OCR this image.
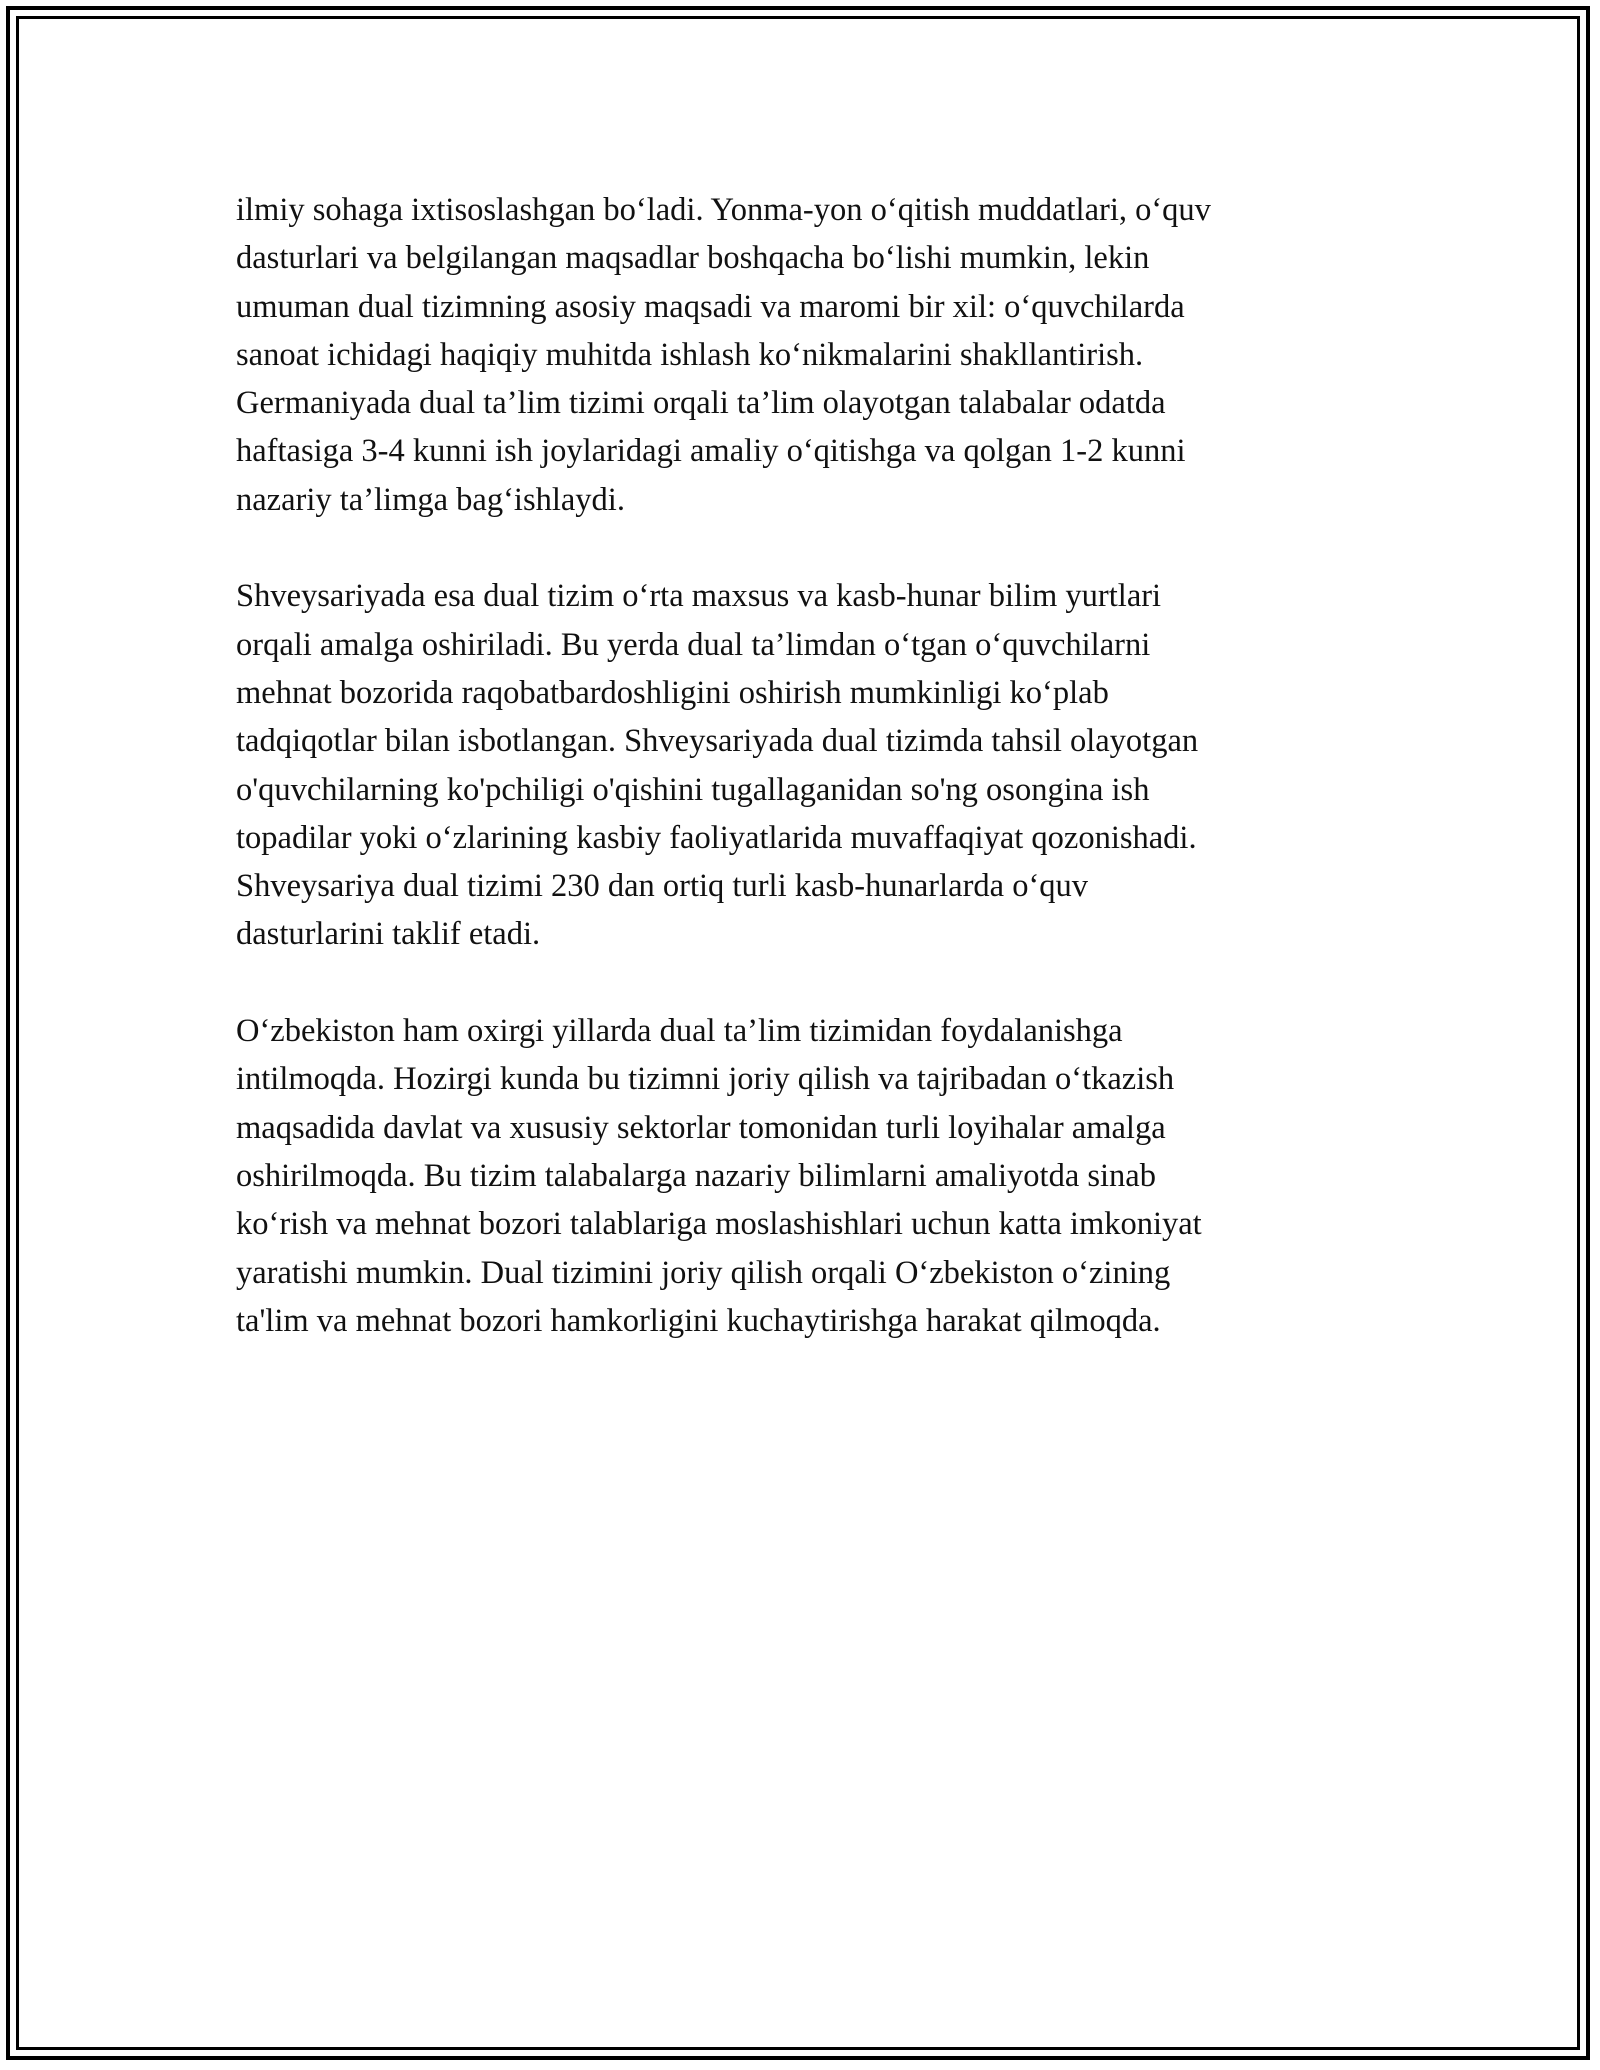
ilmiy sohaga ixtisoslashgan bo‘ladi. Yonma-yon o‘qitish muddatlari, o‘quv
dasturlari va belgilangan maqsadlar boshqacha bo‘lishi mumkin, lekin
umuman dual tizimning asosiy maqsadi va maromi bir xil: o‘quvchilarda
sanoat ichidagi haqiqiy muhitda ishlash ko‘nikmalarini shakllantirish.
Germaniyada dual ta’lim tizimi orqali ta’lim olayotgan talabalar odatda
haftasiga 3-4 kunni ish joylaridagi amaliy o‘qitishga va qolgan 1-2 kunni
nazariy ta’limga bag‘ishlaydi.

Shveysariyada esa dual tizim o‘rta maxsus va kasb-hunar bilim yurtlari
orqali amalga oshiriladi. Bu yerda dual ta’limdan o‘tgan o‘quvchilarni
mehnat bozorida raqobatbardoshligini oshirish mumkinligi ko‘plab
tadqiqotlar bilan isbotlangan. Shveysariyada dual tizimda tahsil olayotgan
o'quvchilarning ko'pchiligi o'qishini tugallaganidan so'ng osongina ish
topadilar yoki o‘zlarining kasbiy faoliyatlarida muvaffaqiyat qozonishadi.
Shveysariya dual tizimi 230 dan ortiq turli kasb-hunarlarda o‘quv
dasturlarini taklif etadi.

O‘zbekiston ham oxirgi yillarda dual ta’lim tizimidan foydalanishga
intilmoqda. Hozirgi kunda bu tizimni joriy qilish va tajribadan o‘tkazish
maqsadida davlat va xususiy sektorlar tomonidan turli loyihalar amalga
oshirilmoqda. Bu tizim talabalarga nazariy bilimlarni amaliyotda sinab
ko‘rish va mehnat bozori talablariga moslashishlari uchun katta imkoniyat
yaratishi mumkin. Dual tizimini joriy qilish orqali O‘zbekiston o‘zining
ta'lim va mehnat bozori hamkorligini kuchaytirishga harakat qilmoqda.
